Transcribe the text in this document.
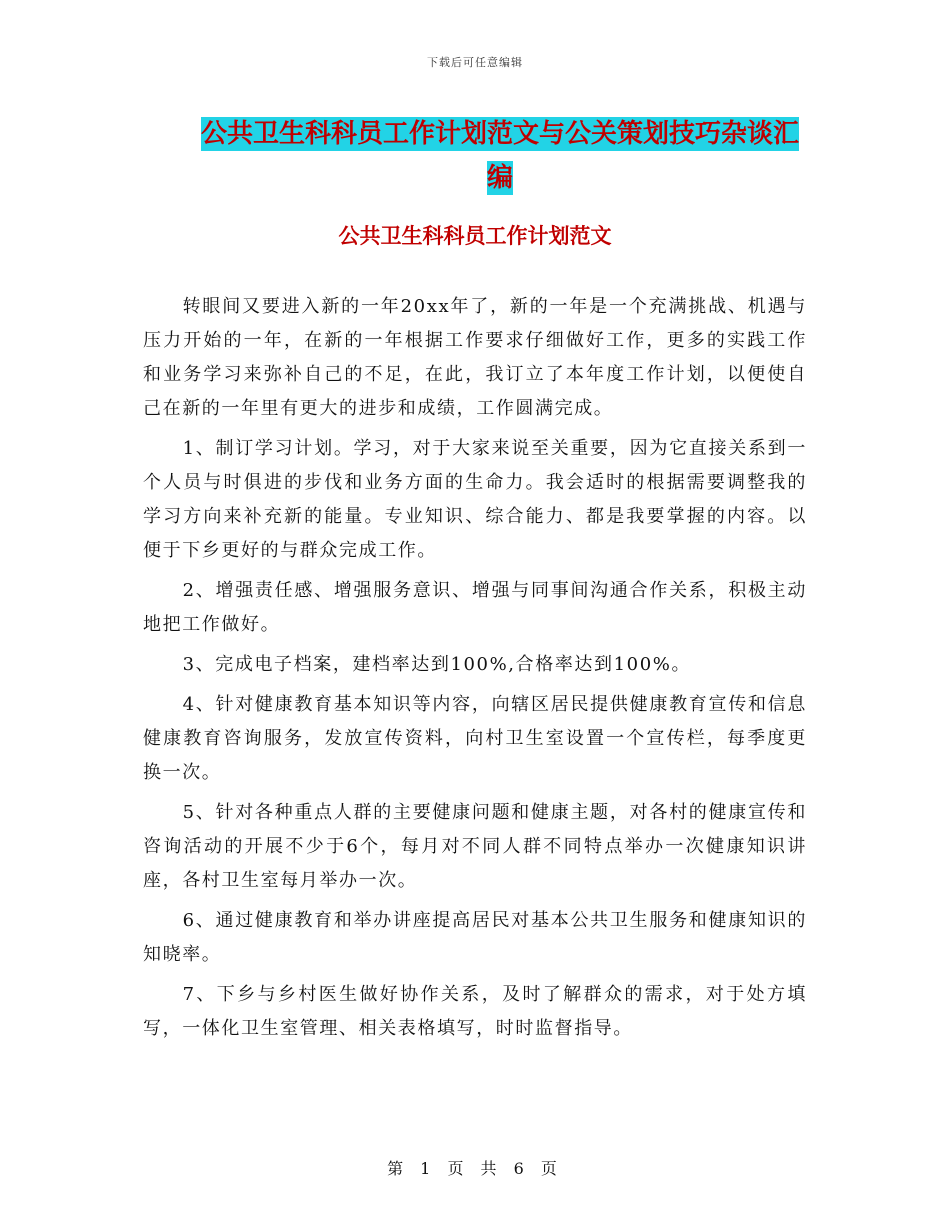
下载后可任意编辑
公共卫生科科员工作计划范文与公关策划技巧杂谈汇编
公共卫生科科员工作计划范文

转眼间又要进入新的一年20xx年了，新的一年是一个充满挑战、机遇与压力开始的一年，在新的一年根据工作要求仔细做好工作，更多的实践工作和业务学习来弥补自己的不足，在此，我订立了本年度工作计划，以便使自己在新的一年里有更大的进步和成绩，工作圆满完成。

1、制订学习计划。学习，对于大家来说至关重要，因为它直接关系到一个人员与时俱进的步伐和业务方面的生命力。我会适时的根据需要调整我的学习方向来补充新的能量。专业知识、综合能力、都是我要掌握的内容。以便于下乡更好的与群众完成工作。

2、增强责任感、增强服务意识、增强与同事间沟通合作关系，积极主动地把工作做好。

3、完成电子档案，建档率达到100%,合格率达到100%。

4、针对健康教育基本知识等内容，向辖区居民提供健康教育宣传和信息健康教育咨询服务，发放宣传资料，向村卫生室设置一个宣传栏，每季度更换一次。

5、针对各种重点人群的主要健康问题和健康主题，对各村的健康宣传和咨询活动的开展不少于6个，每月对不同人群不同特点举办一次健康知识讲座，各村卫生室每月举办一次。

6、通过健康教育和举办讲座提高居民对基本公共卫生服务和健康知识的知晓率。

7、下乡与乡村医生做好协作关系，及时了解群众的需求，对于处方填写，一体化卫生室管理、相关表格填写，时时监督指导。

第 1 页 共 6 页
